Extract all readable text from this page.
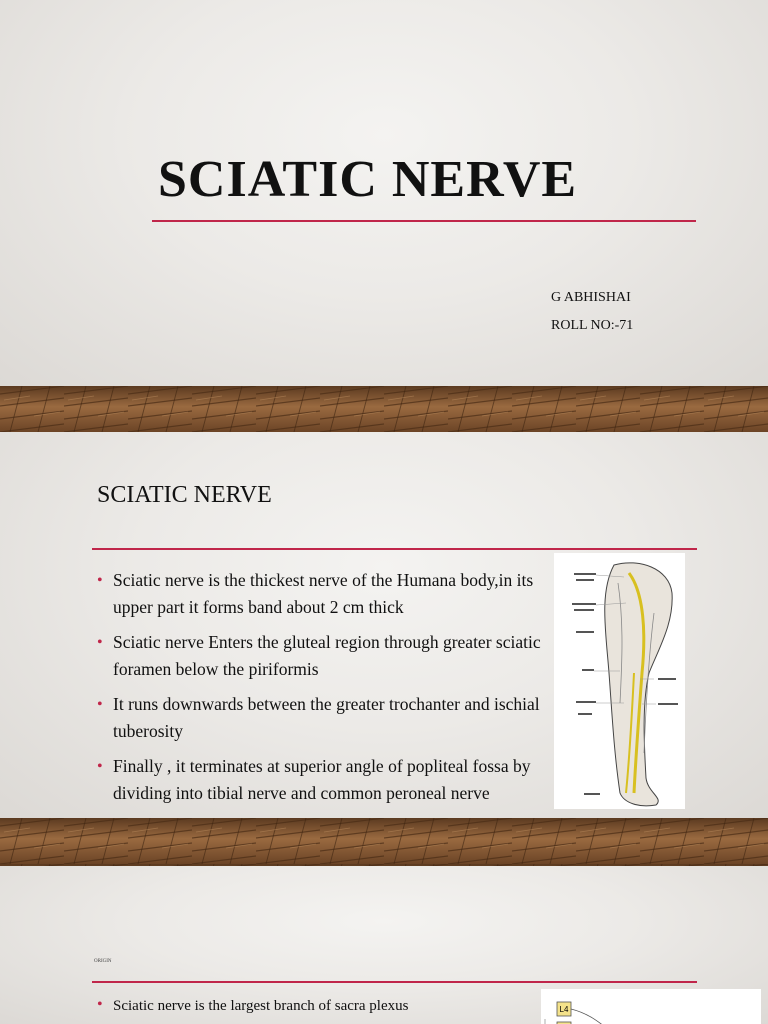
SCIATIC NERVE
G ABHISHAI
ROLL NO:-71
SCIATIC NERVE
• Sciatic nerve is the thickest nerve of the Humana body,in its upper part it forms band about 2 cm thick
• Sciatic nerve Enters the gluteal region through greater sciatic foramen below the piriformis
• It runs downwards between the greater trochanter and ischial tuberosity
• Finally , it terminates at superior angle of popliteal fossa by dividing into tibial nerve and common peroneal nerve

ORIGIN

• Sciatic nerve is the largest branch of sacra plexus	L4
